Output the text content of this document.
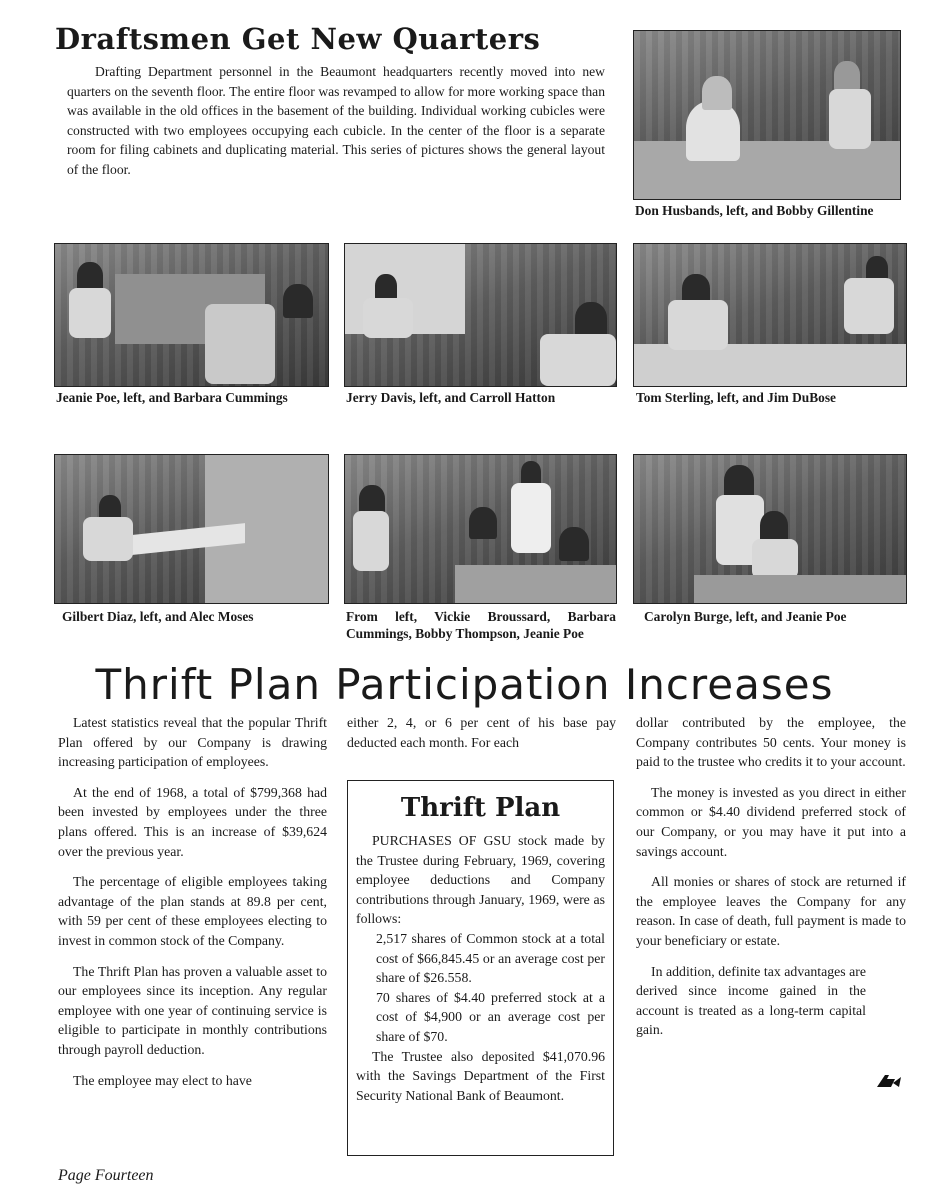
Draftsmen Get New Quarters

Drafting Department personnel in the Beaumont headquarters recently moved into new quarters on the seventh floor. The entire floor was revamped to allow for more working space than was available in the old offices in the basement of the building. Individual working cubicles were constructed with two employees occupying each cubicle. In the center of the floor is a separate room for filing cabinets and duplicating material. This series of pictures shows the general layout of the floor.

Don Husbands, left, and Bobby Gillentine
Jeanie Poe, left, and Barbara Cummings	Jerry Davis, left, and Carroll Hatton	Tom Sterling, left, and Jim DuBose
Gilbert Diaz, left, and Alec Moses	From left, Vickie Broussard, Barbara Cummings, Bobby Thompson, Jeanie Poe
Carolyn Burge, left, and Jeanie Poe
Thrift Plan Participation Increases

Latest statistics reveal that the popular Thrift Plan offered by our Company is drawing increasing participation of employees.

At the end of 1968, a total of $799,368 had been invested by employees under the three plans offered. This is an increase of $39,624 over the previous year.

The percentage of eligible employees taking advantage of the plan stands at 89.8 per cent, with 59 per cent of these employees electing to invest in common stock of the Company.

The Thrift Plan has proven a valuable asset to our employees since its inception. Any regular employee with one year of continuing service is eligible to participate in monthly contributions through payroll deduction.

The employee may elect to have

either 2, 4, or 6 per cent of his base pay deducted each month. For each

Thrift Plan

PURCHASES OF GSU stock made by the Trustee during February, 1969, covering employee deductions and Company contributions through January, 1969, were as follows:

2,517 shares of Common stock at a total cost of $66,845.45 or an average cost per share of $26.558.

70 shares of $4.40 preferred stock at a cost of $4,900 or an average cost per share of $70.

The Trustee also deposited $41,070.96 with the Savings Department of the First Security National Bank of Beaumont.

dollar contributed by the employee, the Company contributes 50 cents. Your money is paid to the trustee who credits it to your account.

The money is invested as you direct in either common or $4.40 dividend preferred stock of our Company, or you may have it put into a savings account.

All monies or shares of stock are returned if the employee leaves the Company for any reason. In case of death, full payment is made to your beneficiary or estate.

In addition, definite tax advantages are derived since income gained in the account is treated as a long-term capital gain.

Page Fourteen
